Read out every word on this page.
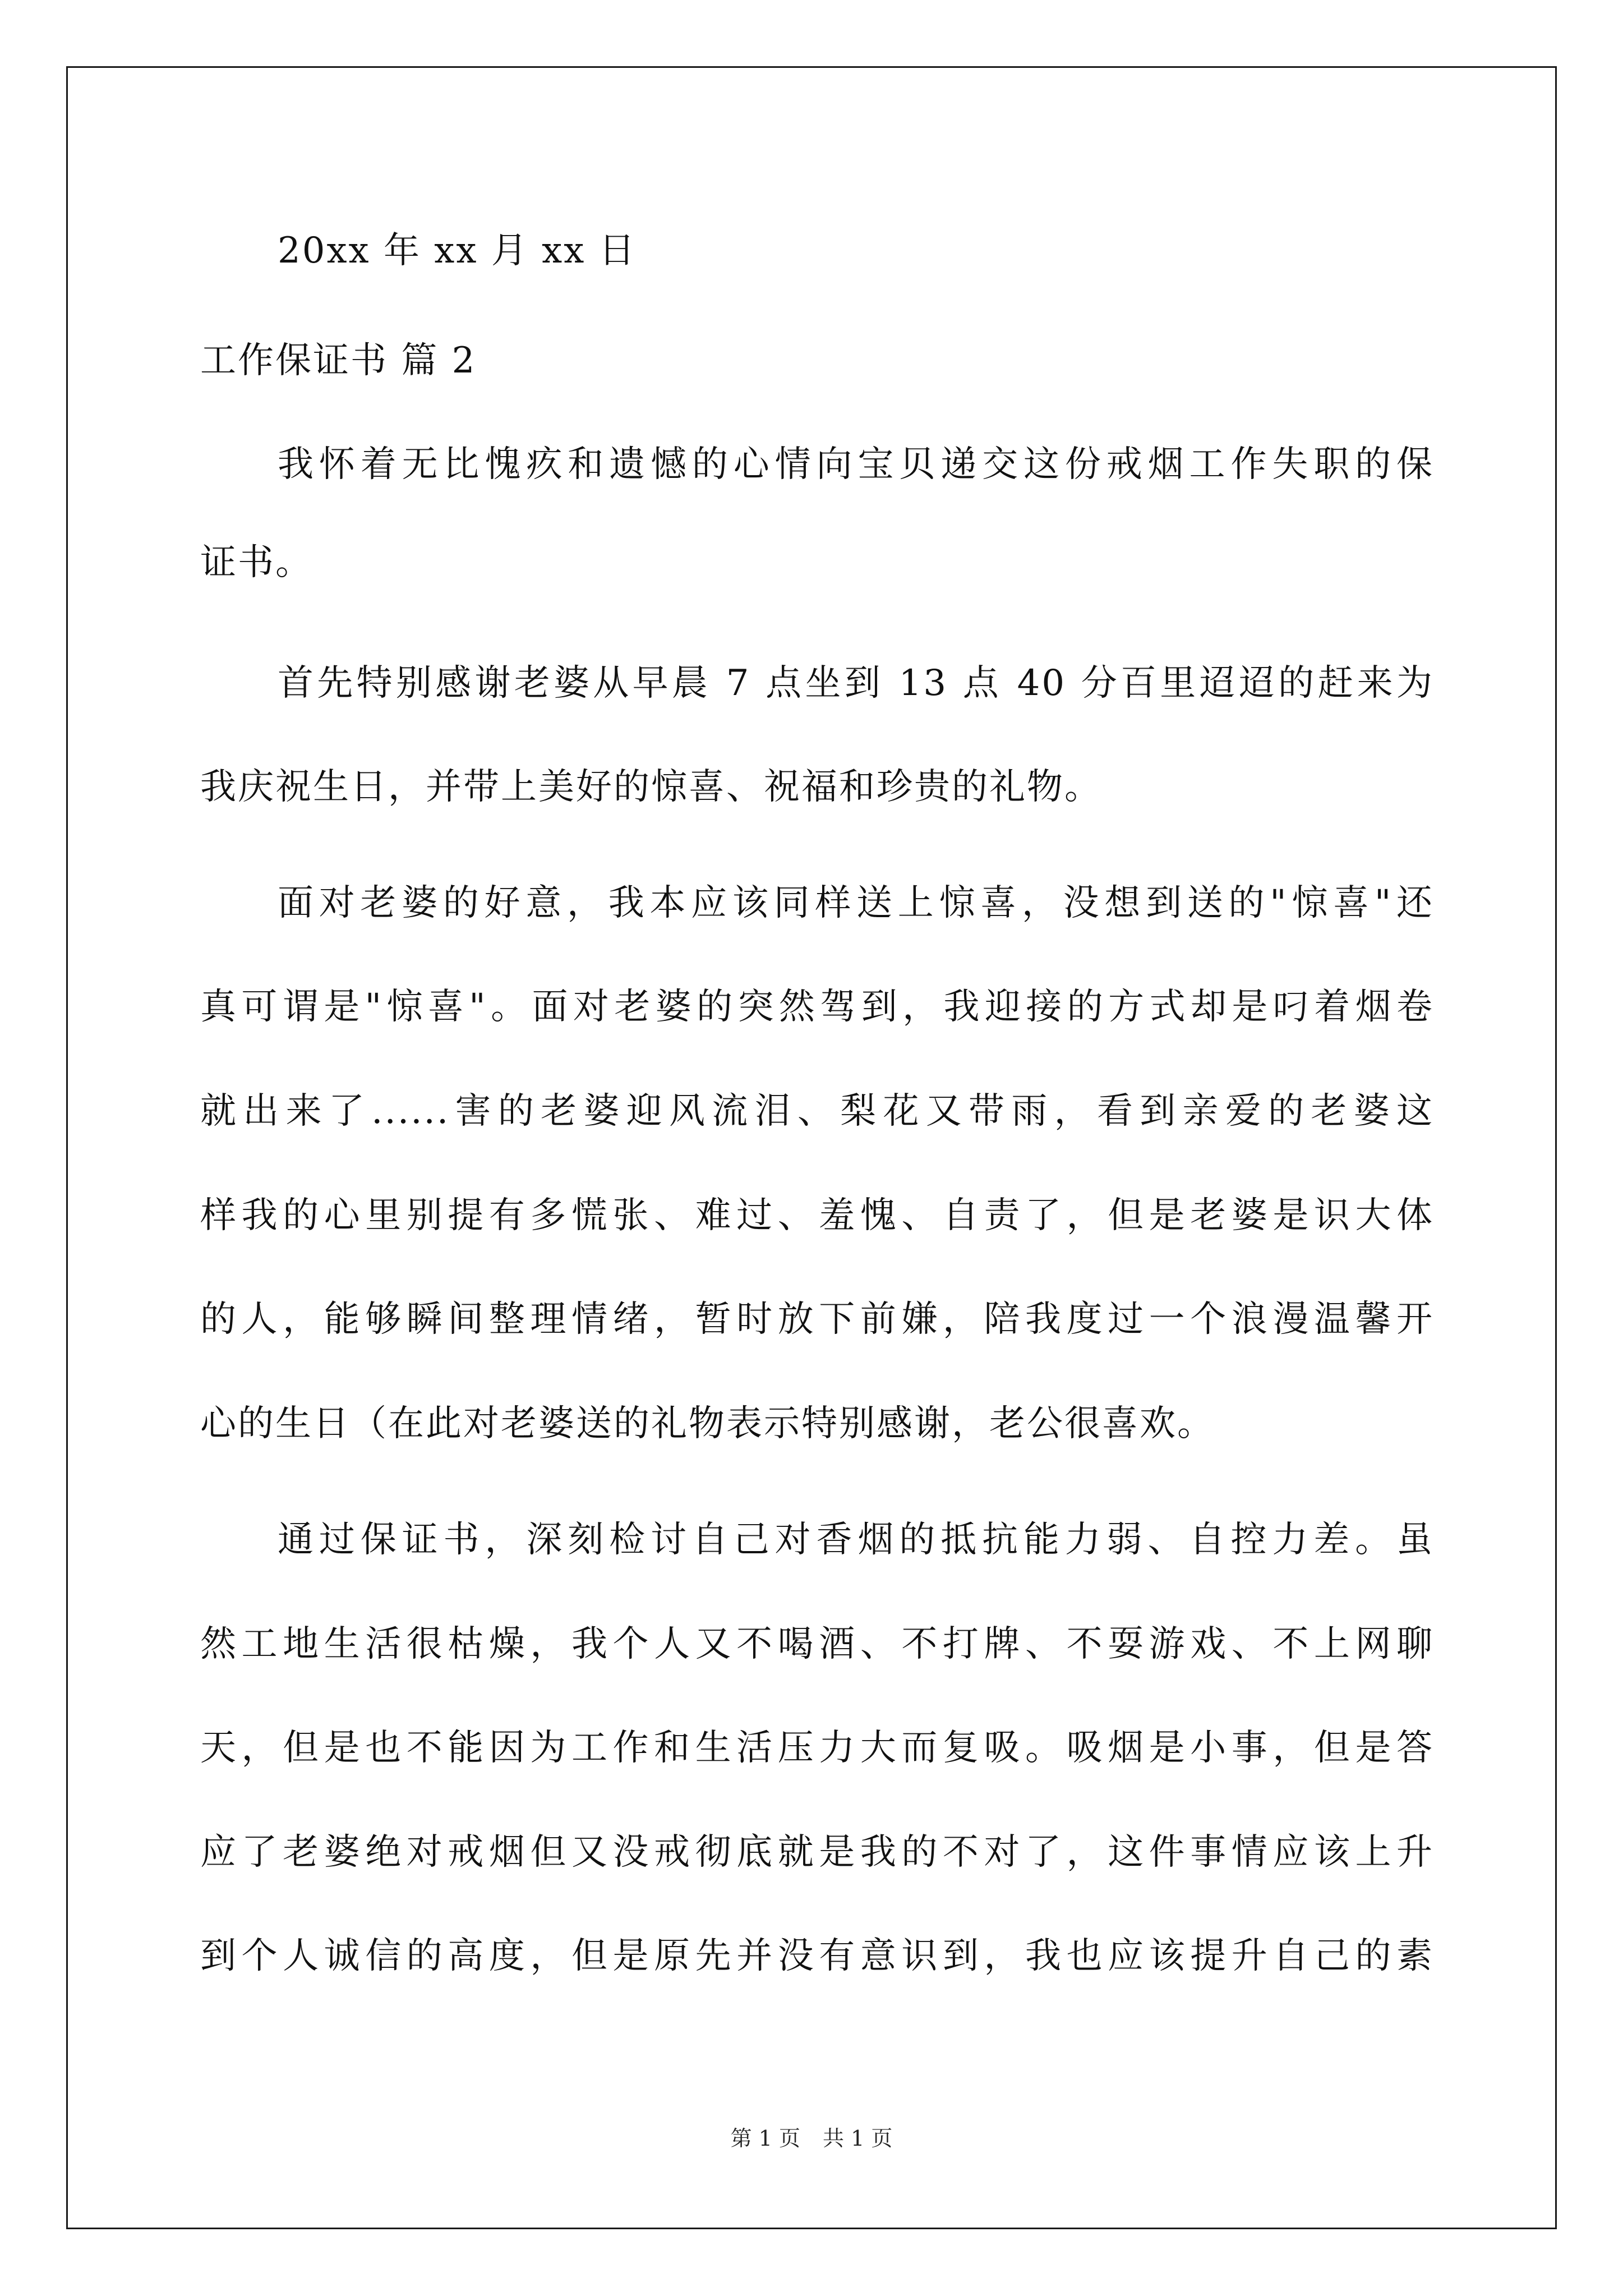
20xx 年 xx 月 xx 日
工作保证书 篇 2
我怀着无比愧疚和遗憾的心情向宝贝递交这份戒烟工作失职的保
证书。
首先特别感谢老婆从早晨 7 点坐到 13 点 40 分百里迢迢的赶来为
我庆祝生日，并带上美好的惊喜、祝福和珍贵的礼物。
面对老婆的好意，我本应该同样送上惊喜，没想到送的"惊喜"还
真可谓是"惊喜"。面对老婆的突然驾到，我迎接的方式却是叼着烟卷
就出来了......害的老婆迎风流泪、梨花又带雨，看到亲爱的老婆这
样我的心里别提有多慌张、难过、羞愧、自责了，但是老婆是识大体
的人，能够瞬间整理情绪，暂时放下前嫌，陪我度过一个浪漫温馨开
心的生日（在此对老婆送的礼物表示特别感谢，老公很喜欢。
通过保证书，深刻检讨自己对香烟的抵抗能力弱、自控力差。虽
然工地生活很枯燥，我个人又不喝酒、不打牌、不耍游戏、不上网聊
天，但是也不能因为工作和生活压力大而复吸。吸烟是小事，但是答
应了老婆绝对戒烟但又没戒彻底就是我的不对了，这件事情应该上升
到个人诚信的高度，但是原先并没有意识到，我也应该提升自己的素
第 1 页 共 1 页
